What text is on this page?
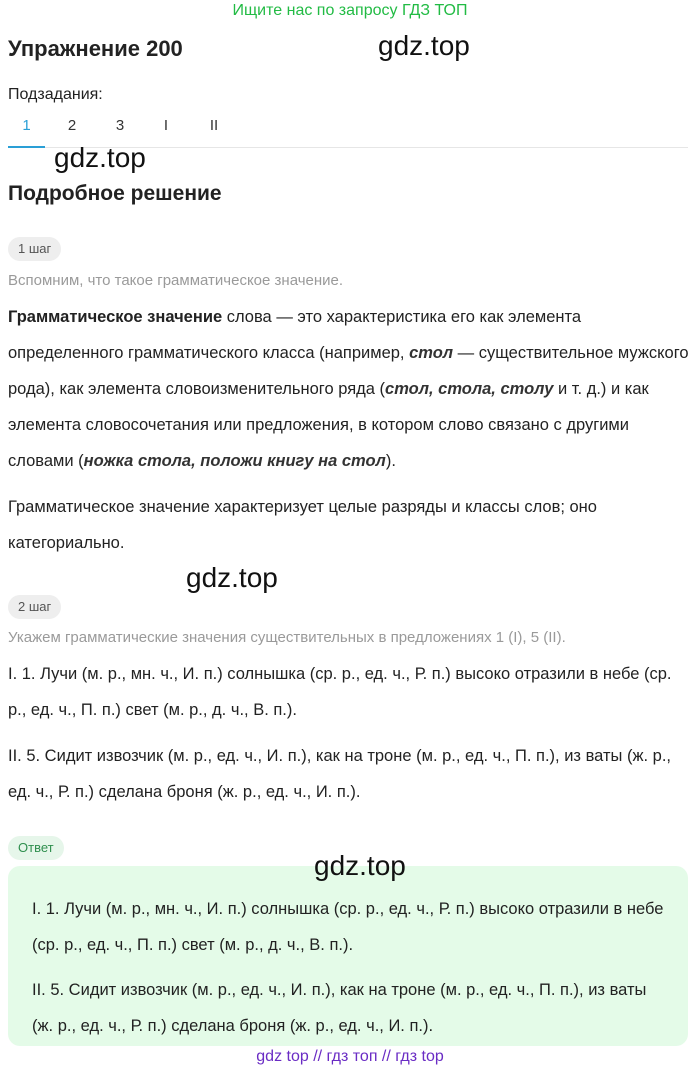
Ищите нас по запросу ГДЗ ТОП
Упражнение 200	gdz.top
Подзадания:
1	2	3	I	II
gdz.top
Подробное решение
1 шаг
Вспомним, что такое грамматическое значение.
Грамматическое значение слова — это характеристика его как элемента определенного грамматического класса (например, стол — существительное мужского рода), как элемента словоизменительного ряда (стол, стола, столу и т. д.) и как элемента словосочетания или предложения, в котором слово связано с другими словами (ножка стола, положи книгу на стол).
Грамматическое значение характеризует целые разряды и классы слов; оно категориально.
gdz.top
2 шаг
Укажем грамматические значения существительных в предложениях 1 (I), 5 (II).
I. 1. Лучи (м. р., мн. ч., И. п.) солнышка (ср. р., ед. ч., Р. п.) высоко отразили в небе (ср. р., ед. ч., П. п.) свет (м. р., д. ч., В. п.).
II. 5. Сидит извозчик (м. р., ед. ч., И. п.), как на троне (м. р., ед. ч., П. п.), из ваты (ж. р., ед. ч., Р. п.) сделана броня (ж. р., ед. ч., И. п.).
Ответ
I. 1. Лучи (м. р., мн. ч., И. п.) солнышка (ср. р., ед. ч., Р. п.) высоко отразили в небе (ср. р., ед. ч., П. п.) свет (м. р., д. ч., В. п.).
II. 5. Сидит извозчик (м. р., ед. ч., И. п.), как на троне (м. р., ед. ч., П. п.), из ваты (ж. р., ед. ч., Р. п.) сделана броня (ж. р., ед. ч., И. п.).
gdz.top
gdz top // гдз топ // гдз top
